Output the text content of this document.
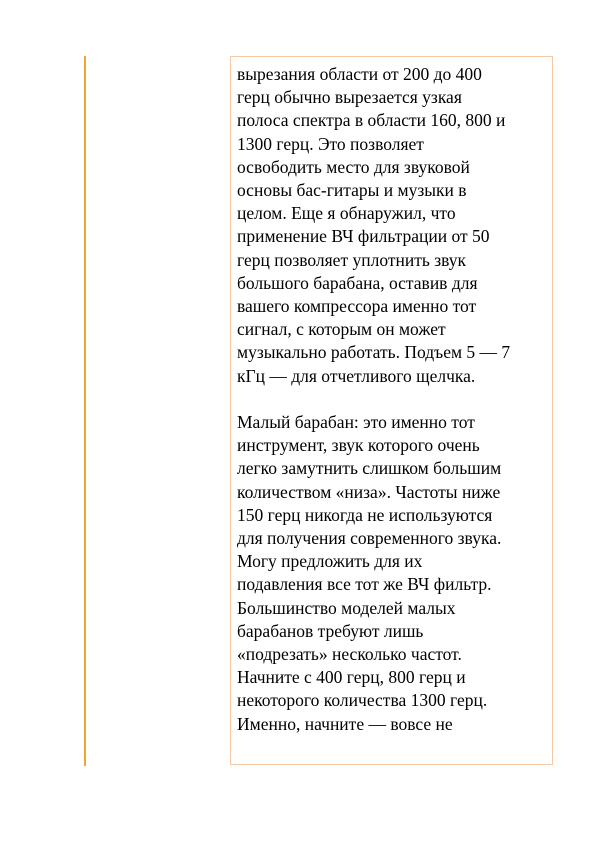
вырезания области от 200 до 400
герц обычно вырезается узкая
полоса спектра в области 160, 800 и
1300 герц. Это позволяет
освободить место для звуковой
основы бас-гитары и музыки в
целом. Еще я обнаружил, что
применение ВЧ фильтрации от 50
герц позволяет уплотнить звук
большого барабана, оставив для
вашего компрессора именно тот
сигнал, с которым он может
музыкально работать. Подъем 5 — 7
кГц — для отчетливого щелчка.
Малый барабан: это именно тот
инструмент, звук которого очень
легко замутнить слишком большим
количеством «низа». Частоты ниже
150 герц никогда не используются
для получения современного звука.
Могу предложить для их
подавления все тот же ВЧ фильтр.
Большинство моделей малых
барабанов требуют лишь
«подрезать» несколько частот.
Начните с 400 герц, 800 герц и
некоторого количества 1300 герц.
Именно, начните — вовсе не
